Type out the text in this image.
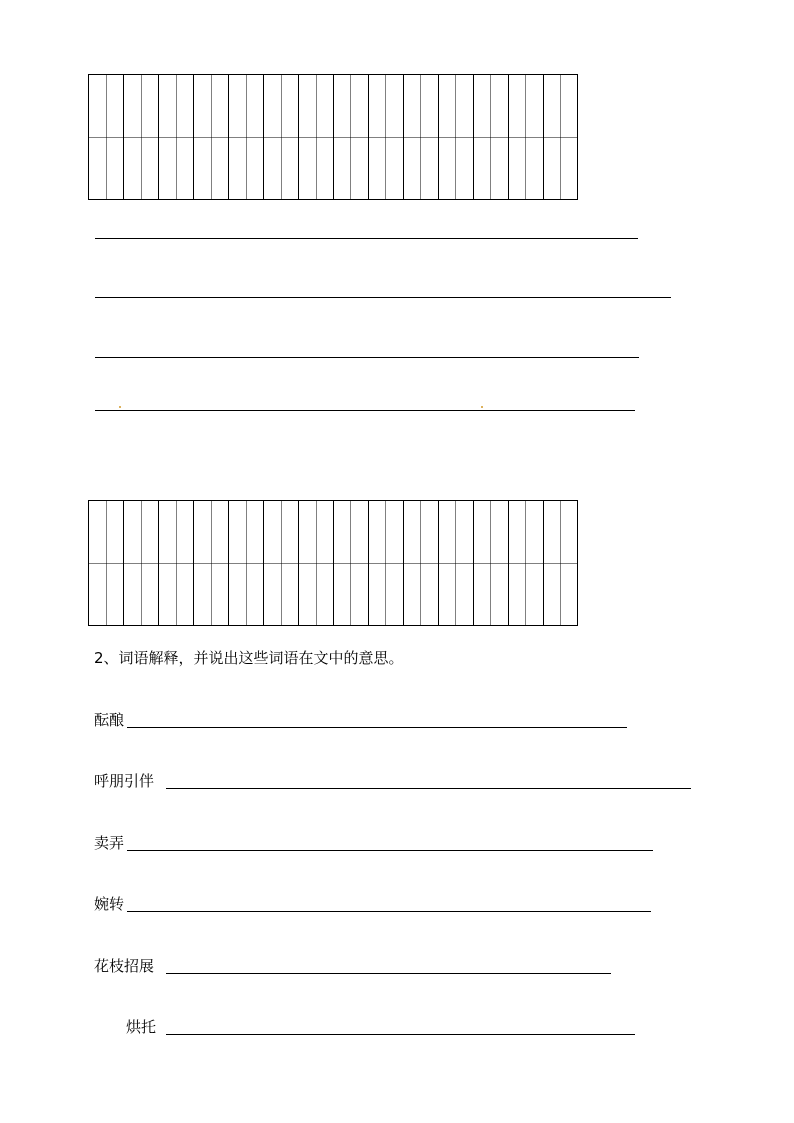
2、词语解释，并说出这些词语在文中的意思。
酝酿
呼朋引伴
卖弄
婉转
花枝招展
烘托
